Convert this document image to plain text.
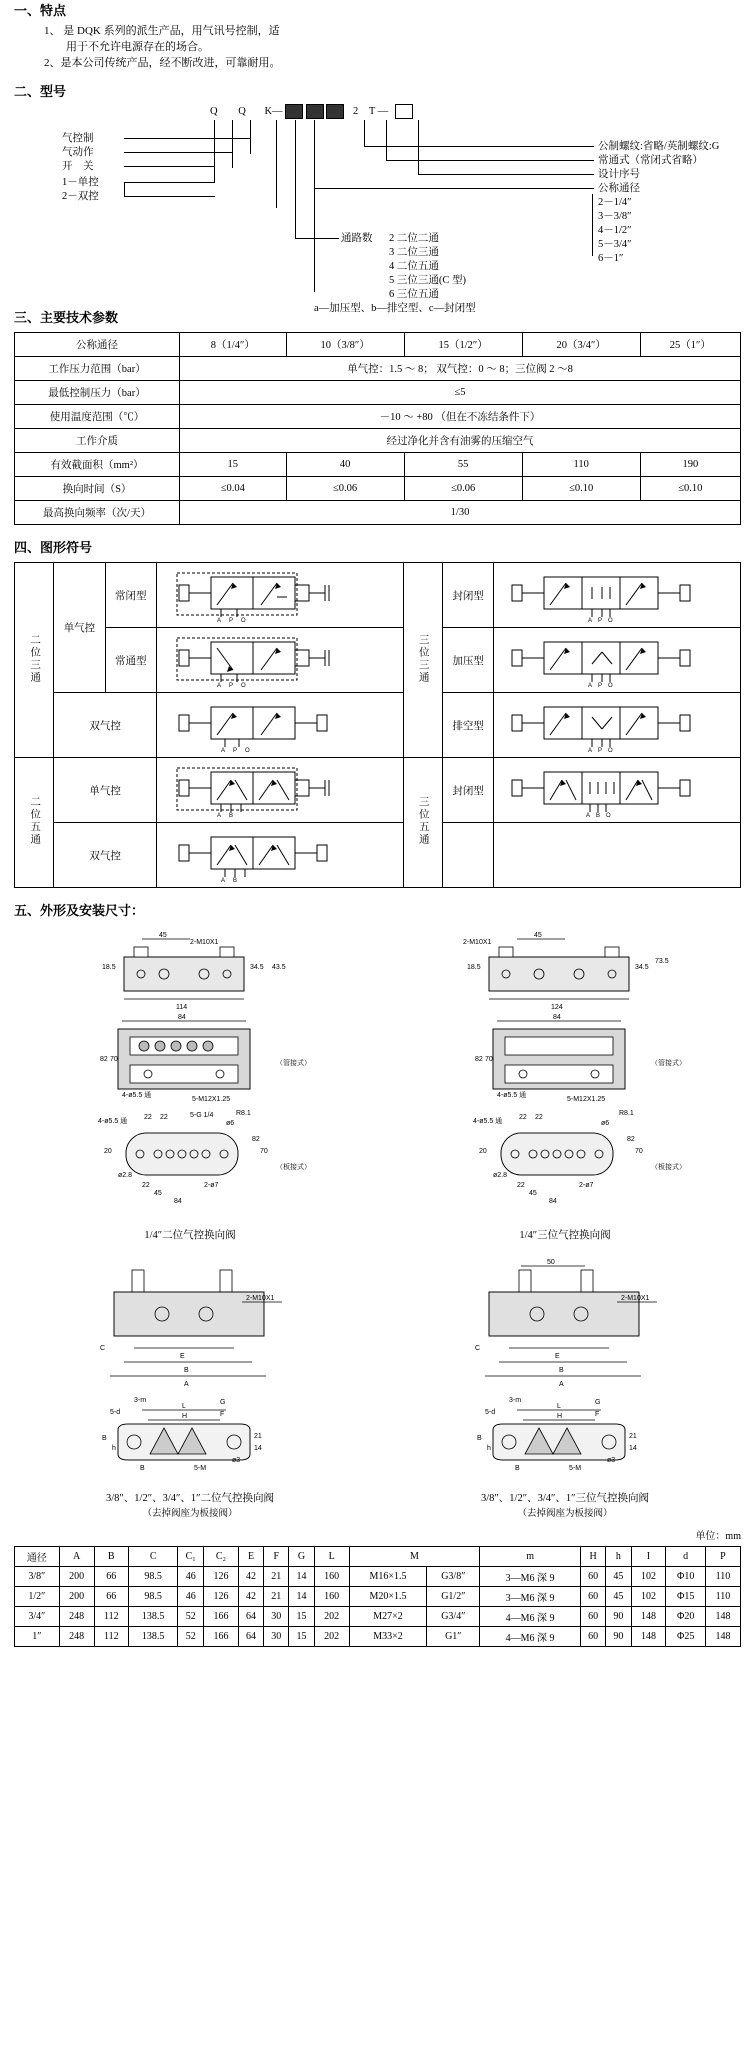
一、特点
1、 是 DQK 系列的派生产品，用气讯号控制，适
用于不允许电源存在的场合。
2、是本公司传统产品，经不断改进，可靠耐用。
二、型号
Q Q K—	2 T —
气控制
气动作
开　关
1－单控
2－双控
公制螺纹:省略/英制螺纹:G
常通式（常闭式省略）
设计序号
公称通径
2－1/4″
3－3/8″
4－1/2″
5－3/4″
6－1″
通路数 2 二位二通
3 二位三通
4 二位五通
5 三位三通(C 型)
6 三位五通
a—加压型、b—排空型、c—封闭型
三、主要技术参数
公称通径	8（1/4″）	10（3/8″）	15（1/2″）	20（3/4″）	25（1″）
工作压力范围（bar）	单气控：1.5 ～ 8； 双气控：0 ～ 8；三位阀 2 ～8				
最低控制压力（bar）	≤5				
使用温度范围（℃）	－10 ～ +80 （但在不冻结条件下）				
工作介质	经过净化并含有油雾的压缩空气				
有效截面积（mm²）	15	40	55	110	190
换向时间（S）	≤0.04	≤0.06	≤0.06	≤0.10	≤0.10
最高换向频率（次/天）	1/30				
四、图形符号
二位三通	单气控	常闭型	A P O	三位三通	封闭型	A P O

		常通型	A P O		加压型	A P O

	双气控		A P O		排空型	A P O

二位五通	单气控		A B	三位五通	封闭型	A B O

	双气控		A B			

五、外形及安装尺寸：
45
2-M10X1
18.5	34.5 43.5
114
84
82 70
4-ø5.5 通
5-M12X1.25
（管接式）
4-ø5.5 通
22 22	5-G 1/4	R8.1
20
82
70
22
45
84
2-ø7
ø2.8
ø6
（板接式）
1/4″二位气控换向阀
45
2-M10X1
18.5	34.5
73.5
124
84
82 70
4-ø5.5 通
5-M12X1.25
（管接式）
4-ø5.5 通
22 22
ø6
R8.1
20
82
70
22
45
84
2-ø7
ø2.8
（板接式）
1/4″三位气控换向阀
2-M10X1
C
E
B
A
3-m
5-d
L
H
B
h
21
14
ø3
B	5-M
G
F
3/8″、1/2″、3/4″、1″二位气控换向阀
（去掉阀座为板接阀）
50
2-M10X1
C
E
B
A
3-m
5-d
L
H
B
h
21
14
ø3
B	5-M
G
F
3/8″、1/2″、3/4″、1″三位气控换向阀
（去掉阀座为板接阀）
单位：mm
通径	A	B	C	C₁	C₂	E	F	G	L	M		m	H	h	I	d	P
3/8″	200	66	98.5	46	126	42	21	14	160	M16×1.5	G3/8″	3—M6 深 9	60	45	102	Φ10	110
1/2″	200	66	98.5	46	126	42	21	14	160	M20×1.5	G1/2″	3—M6 深 9	60	45	102	Φ15	110
3/4″	248	112	138.5	52	166	64	30	15	202	M27×2	G3/4″	4—M6 深 9	60	90	148	Φ20	148
1″	248	112	138.5	52	166	64	30	15	202	M33×2	G1″	4—M6 深 9	60	90	148	Φ25	148
